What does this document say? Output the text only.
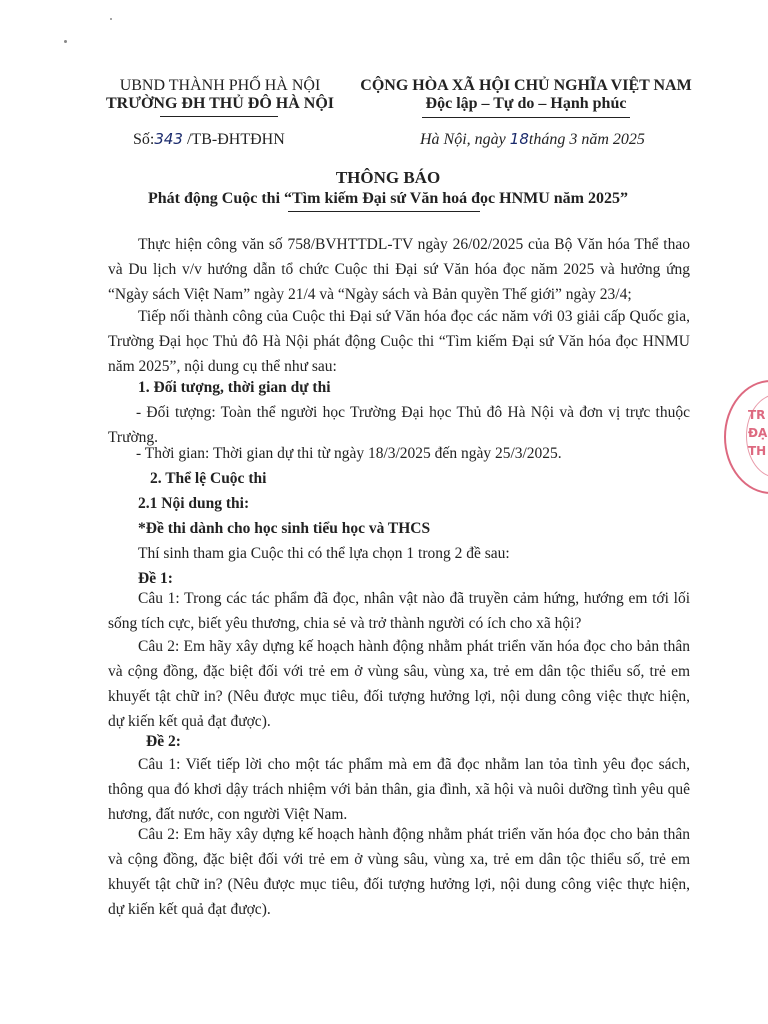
UBND THÀNH PHỐ HÀ NỘI
TRƯỜNG ĐH THỦ ĐÔ HÀ NỘI
CỘNG HÒA XÃ HỘI CHỦ NGHĨA VIỆT NAM
Độc lập – Tự do – Hạnh phúc
Số:343 /TB-ĐHTĐHN	Hà Nội, ngày 18tháng 3 năm 2025
THÔNG BÁO
Phát động Cuộc thi “Tìm kiếm Đại sứ Văn hoá đọc HNMU năm 2025”
Thực hiện công văn số 758/BVHTTDL-TV ngày 26/02/2025 của Bộ Văn hóa Thể thao và Du lịch v/v hướng dẫn tổ chức Cuộc thi Đại sứ Văn hóa đọc năm 2025 và hưởng ứng “Ngày sách Việt Nam” ngày 21/4 và “Ngày sách và Bản quyền Thế giới” ngày 23/4;
Tiếp nối thành công của Cuộc thi Đại sứ Văn hóa đọc các năm với 03 giải cấp Quốc gia, Trường Đại học Thủ đô Hà Nội phát động Cuộc thi “Tìm kiếm Đại sứ Văn hóa đọc HNMU năm 2025”, nội dung cụ thể như sau:
1. Đối tượng, thời gian dự thi
- Đối tượng: Toàn thể người học Trường Đại học Thủ đô Hà Nội và đơn vị trực thuộc Trường.
- Thời gian: Thời gian dự thi từ ngày 18/3/2025 đến ngày 25/3/2025.
2. Thể lệ Cuộc thi
2.1 Nội dung thi:
*Đề thi dành cho học sinh tiểu học và THCS
Thí sinh tham gia Cuộc thi có thể lựa chọn 1 trong 2 đề sau:
Đề 1:
Câu 1: Trong các tác phẩm đã đọc, nhân vật nào đã truyền cảm hứng, hướng em tới lối sống tích cực, biết yêu thương, chia sẻ và trở thành người có ích cho xã hội?
Câu 2: Em hãy xây dựng kế hoạch hành động nhằm phát triển văn hóa đọc cho bản thân và cộng đồng, đặc biệt đối với trẻ em ở vùng sâu, vùng xa, trẻ em dân tộc thiểu số, trẻ em khuyết tật chữ in? (Nêu được mục tiêu, đối tượng hưởng lợi, nội dung công việc thực hiện, dự kiến kết quả đạt được).
Đề 2:
Câu 1: Viết tiếp lời cho một tác phẩm mà em đã đọc nhằm lan tỏa tình yêu đọc sách, thông qua đó khơi dậy trách nhiệm với bản thân, gia đình, xã hội và nuôi dưỡng tình yêu quê hương, đất nước, con người Việt Nam.
Câu 2: Em hãy xây dựng kế hoạch hành động nhằm phát triển văn hóa đọc cho bản thân và cộng đồng, đặc biệt đối với trẻ em ở vùng sâu, vùng xa, trẻ em dân tộc thiểu số, trẻ em khuyết tật chữ in? (Nêu được mục tiêu, đối tượng hưởng lợi, nội dung công việc thực hiện, dự kiến kết quả đạt được).
TR
ĐẠ
TH
